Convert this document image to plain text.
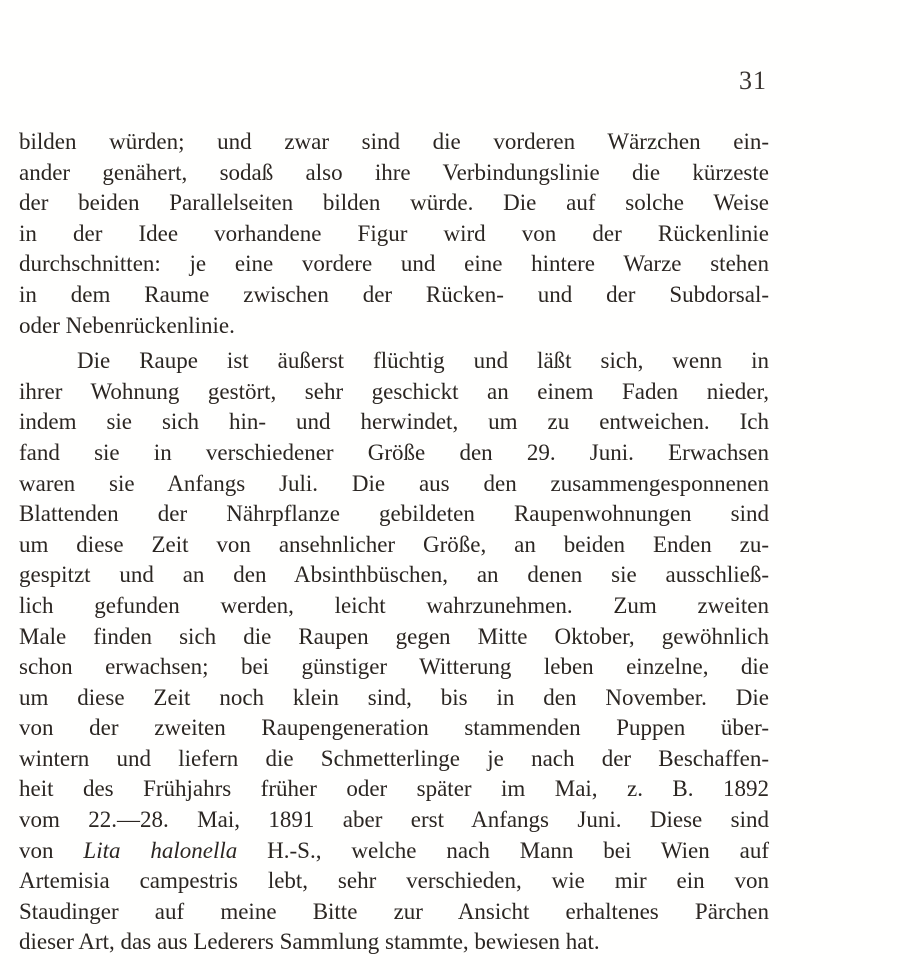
31
bilden würden; und zwar sind die vorderen Wärzchen ein-
ander genähert, sodaß also ihre Verbindungslinie die kürzeste
der beiden Parallelseiten bilden würde. Die auf solche Weise
in der Idee vorhandene Figur wird von der Rückenlinie
durchschnitten: je eine vordere und eine hintere Warze stehen
in dem Raume zwischen der Rücken- und der Subdorsal-
oder Nebenrückenlinie.
Die Raupe ist äußerst flüchtig und läßt sich, wenn in
ihrer Wohnung gestört, sehr geschickt an einem Faden nieder,
indem sie sich hin- und herwindet, um zu entweichen. Ich
fand sie in verschiedener Größe den 29. Juni. Erwachsen
waren sie Anfangs Juli. Die aus den zusammengesponnenen
Blattenden der Nährpflanze gebildeten Raupenwohnungen sind
um diese Zeit von ansehnlicher Größe, an beiden Enden zu-
gespitzt und an den Absinthbüschen, an denen sie ausschließ-
lich gefunden werden, leicht wahrzunehmen. Zum zweiten
Male finden sich die Raupen gegen Mitte Oktober, gewöhnlich
schon erwachsen; bei günstiger Witterung leben einzelne, die
um diese Zeit noch klein sind, bis in den November. Die
von der zweiten Raupengeneration stammenden Puppen über-
wintern und liefern die Schmetterlinge je nach der Beschaffen-
heit des Frühjahrs früher oder später im Mai, z. B. 1892
vom 22.—28. Mai, 1891 aber erst Anfangs Juni. Diese sind
von Lita halonella H.-S., welche nach Mann bei Wien auf
Artemisia campestris lebt, sehr verschieden, wie mir ein von
Staudinger auf meine Bitte zur Ansicht erhaltenes Pärchen
dieser Art, das aus Lederers Sammlung stammte, bewiesen hat.
